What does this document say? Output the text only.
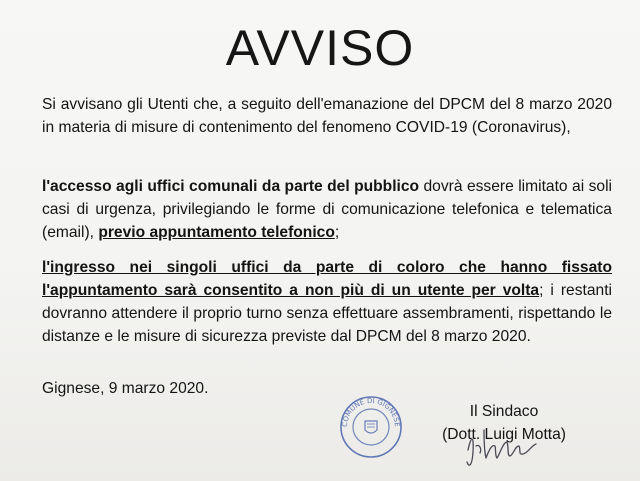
AVVISO
Si avvisano gli Utenti che, a seguito dell'emanazione del DPCM del 8 marzo 2020 in materia di misure di contenimento del fenomeno COVID-19 (Coronavirus),
l'accesso agli uffici comunali da parte del pubblico dovrà essere limitato ai soli casi di urgenza, privilegiando le forme di comunicazione telefonica e telematica (email), previo appuntamento telefonico;
l'ingresso nei singoli uffici da parte di coloro che hanno fissato l'appuntamento sarà consentito a non più di un utente per volta; i restanti dovranno attendere il proprio turno senza effettuare assembramenti, rispettando le distanze e le misure di sicurezza previste dal DPCM del 8 marzo 2020.
Gignese, 9 marzo 2020.
COMUNE DI GIGNESE
Il Sindaco
(Dott. Luigi Motta)
